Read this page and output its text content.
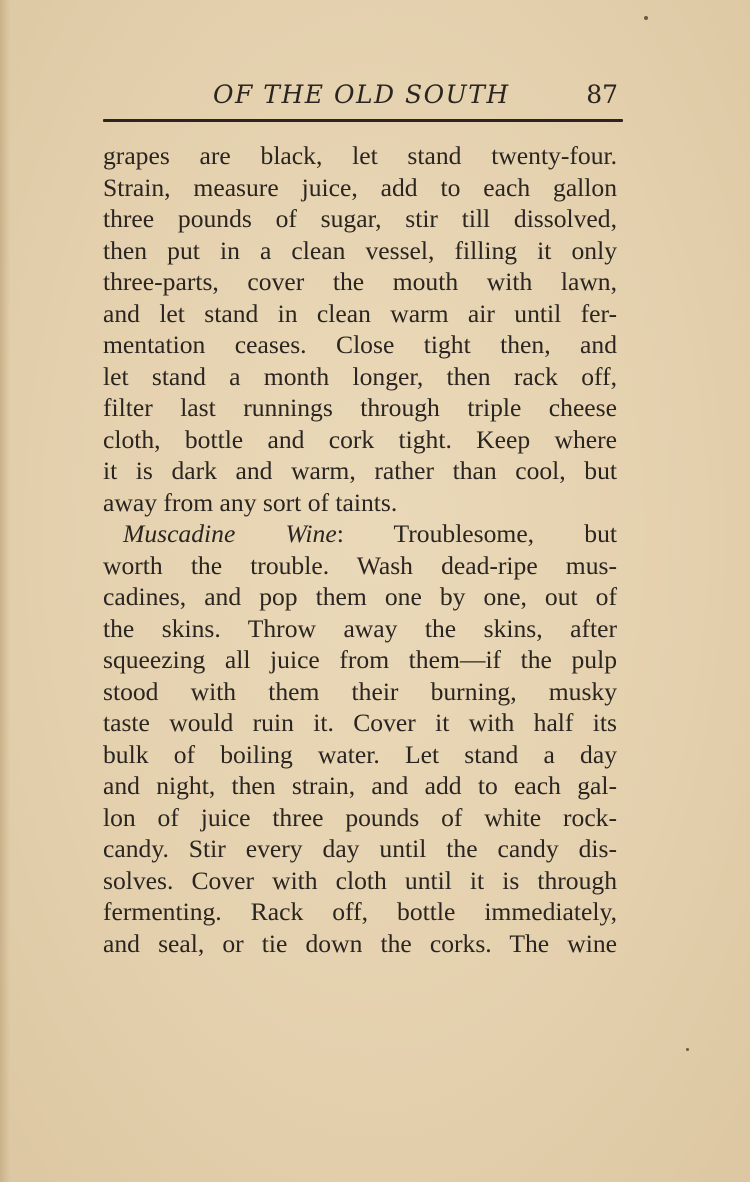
OF THE OLD SOUTH	87
grapes are black, let stand twenty-four.
Strain, measure juice, add to each gallon
three pounds of sugar, stir till dissolved,
then put in a clean vessel, filling it only
three-parts, cover the mouth with lawn,
and let stand in clean warm air until fer-
mentation ceases. Close tight then, and
let stand a month longer, then rack off,
filter last runnings through triple cheese
cloth, bottle and cork tight. Keep where
it is dark and warm, rather than cool, but
away from any sort of taints.
Muscadine Wine: Troublesome, but
worth the trouble. Wash dead-ripe mus-
cadines, and pop them one by one, out of
the skins. Throw away the skins, after
squeezing all juice from them—if the pulp
stood with them their burning, musky
taste would ruin it. Cover it with half its
bulk of boiling water. Let stand a day
and night, then strain, and add to each gal-
lon of juice three pounds of white rock-
candy. Stir every day until the candy dis-
solves. Cover with cloth until it is through
fermenting. Rack off, bottle immediately,
and seal, or tie down the corks. The wine
